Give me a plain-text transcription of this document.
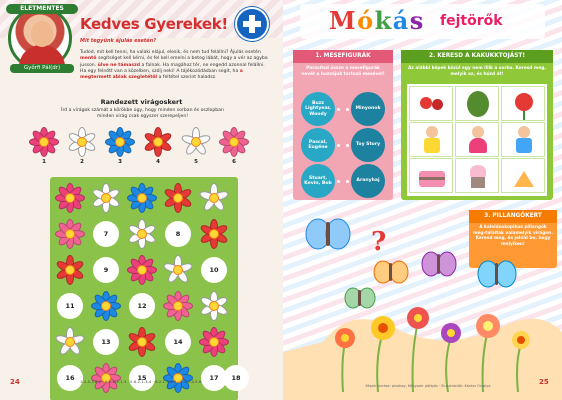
ELETMENTES
Győrfi Pál(dr)
Kedves Gyerekek!
Mit tegyünk ájulás esetén?
Tudod, mit kell tenni, ha valaki elájul, elesik, és nem tud felállni? Ájulás esetén mentő segítséget kell kérni, és fel kell emelni a beteg lábát, hogy a vér az agyba jusson. ülve ne támaszd a falnak. Ha magához tér, ne engedd azonnal felállni. Ha egy felnőtt van a közelben, szólj neki! A tájékozódásban segít, ha a megtermett ablak szegletétől a feltétel szerint haladsz.
Randezett virágoskert
Írd a virágok számát a körökbe úgy, hogy minden sorban és oszlopban minden virág csak egyszer szerepeljen!
1	2	3	4	5	6
7	8
9	10
11	12
13	14
16	15	17	18
1-4-5-3-6-2 · 4-5-6-2-1-3 · 5-6-2-1-3-4 · 6-2-1-3-4-5 · 2-1-3-4-5-6
24
Mókás fejtörők
1. MESEFIGURÁK
Párosítsd össze a mesefigurák nevét a hozzájuk tartozó mesével!
Buzz Lightyear, Woody
Pascal, Eugéne
Stuart, Kevin, Bob
Minyonok
Toy Story
Aranyhaj
2. KERESD A KAKUKKTOJÁST!
Az alábbi képek közül egy nem illik a sorba. Keresd meg, melyik az, és húzd át!
3. PILLANGÓKERT
A kaleidoskopikus pillangók meg-találtak valamelyik virágon. Keresd meg, és jelöld be, hogy melyiken!
?
Képek forrása: pixabay, Kényszer pöttyös · Illusztrációk: Kántor Orsolya	25
